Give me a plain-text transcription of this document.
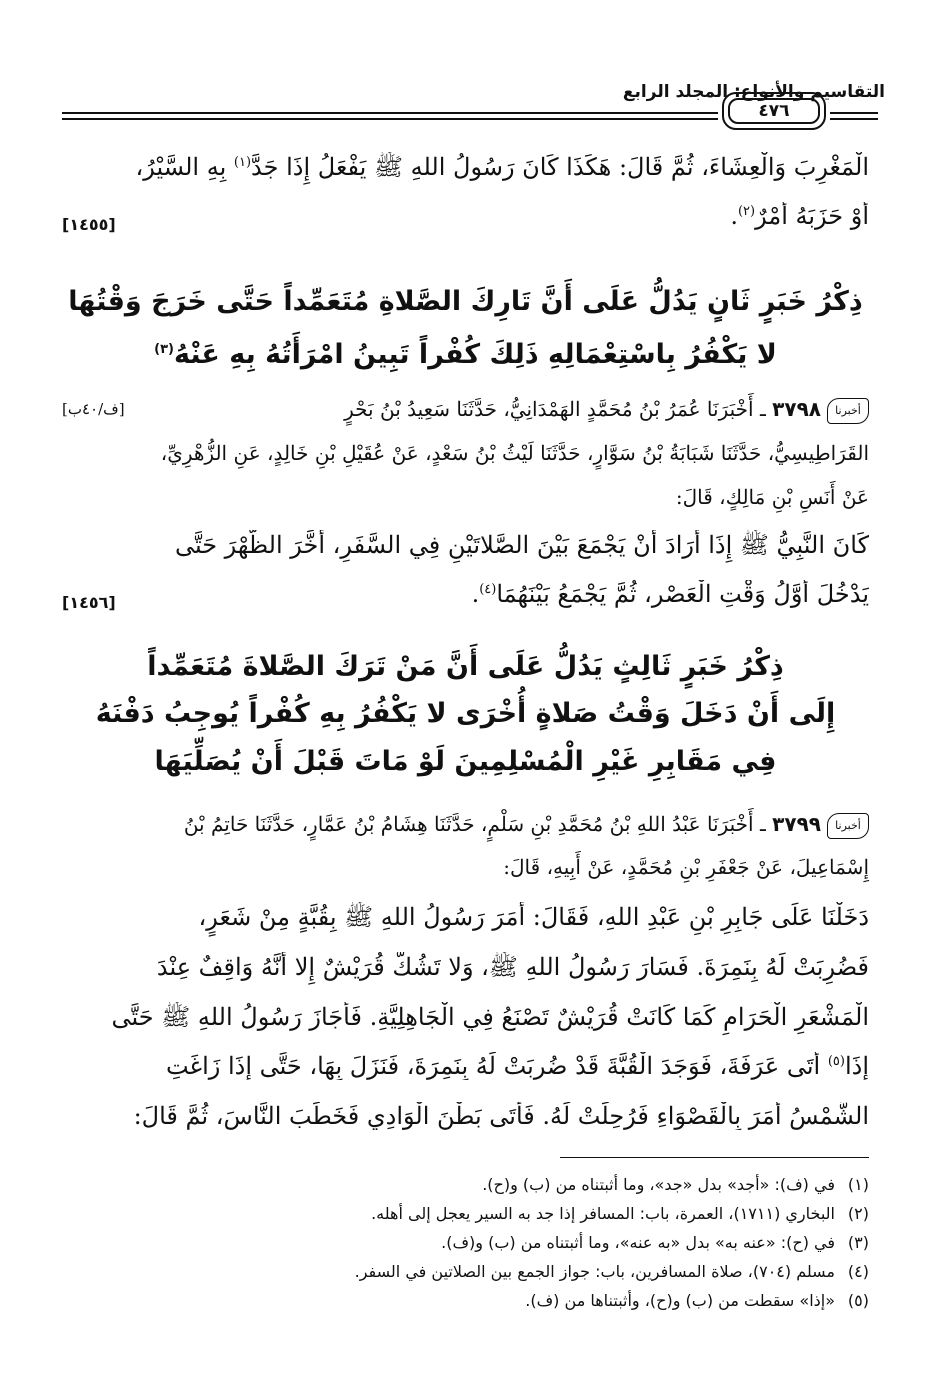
التقاسيم والأنواع: المجلد الرابع
٤٧٦
الْمَغْرِبَ وَالْعِشَاءَ، ثُمَّ قَالَ: هَكَذَا كَانَ رَسُولُ اللهِ ﷺ يَفْعَلُ إِذَا جَدَّ$^{(١)}$ بِهِ السَّيْرُ،
أَوْ حَزَبَهُ أَمْرٌ$^{(٢)}$.
[١٤٥٥]
ذِكْرُ خَبَرٍ ثَانٍ يَدُلُّ عَلَى أَنَّ تَارِكَ الصَّلاةِ مُتَعَمِّداً حَتَّى خَرَجَ وَقْتُهَا
لا يَكْفُرُ بِاسْتِعْمَالِهِ ذَلِكَ كُفْراً تَبِينُ امْرَأَتُهُ بِهِ عَنْهُ$^{(٣)}$
أخبرنا٣٧٩٨ ـ أَخْبَرَنَا عُمَرُ بْنُ مُحَمَّدٍ الهَمْدَانِيُّ، حَدَّثَنَا سَعِيدُ بْنُ بَحْرٍ
[ف/٤٠ب]
القَرَاطِيسِيُّ، حَدَّثَنَا شَبَابَةُ بْنُ سَوَّارٍ، حَدَّثَنَا لَيْثُ بْنُ سَعْدٍ، عَنْ عُقَيْلِ بْنِ خَالِدٍ، عَنِ الزُّهْرِيِّ،
عَنْ أَنَسِ بْنِ مَالِكٍ، قَالَ:
كَانَ النَّبِيُّ ﷺ إِذَا أَرَادَ أَنْ يَجْمَعَ بَيْنَ الصَّلاتَيْنِ فِي السَّفَرِ، أَخَّرَ الظُّهْرَ حَتَّى
يَدْخُلَ أَوَّلُ وَقْتِ الْعَصْرِ، ثُمَّ يَجْمَعُ بَيْنَهُمَا$^{(٤)}$.
[١٤٥٦]
ذِكْرُ خَبَرٍ ثَالِثٍ يَدُلُّ عَلَى أَنَّ مَنْ تَرَكَ الصَّلاةَ مُتَعَمِّداً
إِلَى أَنْ دَخَلَ وَقْتُ صَلاةٍ أُخْرَى لا يَكْفُرُ بِهِ كُفْراً يُوجِبُ دَفْنَهُ
فِي مَقَابِرِ غَيْرِ الْمُسْلِمِينَ لَوْ مَاتَ قَبْلَ أَنْ يُصَلِّيَهَا
أخبرنا٣٧٩٩ ـ أَخْبَرَنَا عَبْدُ اللهِ بْنُ مُحَمَّدِ بْنِ سَلْمٍ، حَدَّثَنَا هِشَامُ بْنُ عَمَّارٍ، حَدَّثَنَا حَاتِمُ بْنُ
إِسْمَاعِيلَ، عَنْ جَعْفَرِ بْنِ مُحَمَّدٍ، عَنْ أَبِيهِ، قَالَ:
دَخَلْنَا عَلَى جَابِرِ بْنِ عَبْدِ اللهِ، فَقَالَ: أَمَرَ رَسُولُ اللهِ ﷺ بِقُبَّةٍ مِنْ شَعَرٍ،
فَضُرِبَتْ لَهُ بِنَمِرَةَ. فَسَارَ رَسُولُ اللهِ ﷺ، وَلا تَشُكُّ قُرَيْشٌ إِلا أَنَّهُ وَاقِفٌ عِنْدَ
الْمَشْعَرِ الْحَرَامِ كَمَا كَانَتْ قُرَيْشٌ تَصْنَعُ فِي الْجَاهِلِيَّةِ. فَأَجَازَ رَسُولُ اللهِ ﷺ حَتَّى
إِذَا$^{(٥)}$ أَتَى عَرَفَةَ، فَوَجَدَ الْقُبَّةَ قَدْ ضُرِبَتْ لَهُ بِنَمِرَةَ، فَنَزَلَ بِهَا، حَتَّى إِذَا زَاغَتِ
الشَّمْسُ أَمَرَ بِالْقَصْوَاءِ فَرُحِلَتْ لَهُ. فَأَتَى بَطْنَ الْوَادِي فَخَطَبَ النَّاسَ، ثُمَّ قَالَ:
(١)في (ف): «أجد» بدل «جد»، وما أثبتناه من (ب) و(ح).
(٢)البخاري (١٧١١)، العمرة، باب: المسافر إذا جد به السير يعجل إلى أهله.
(٣)في (ح): «عنه به» بدل «به عنه»، وما أثبتناه من (ب) و(ف).
(٤)مسلم (٧٠٤)، صلاة المسافرين، باب: جواز الجمع بين الصلاتين في السفر.
(٥)«إذا» سقطت من (ب) و(ح)، وأثبتناها من (ف).
